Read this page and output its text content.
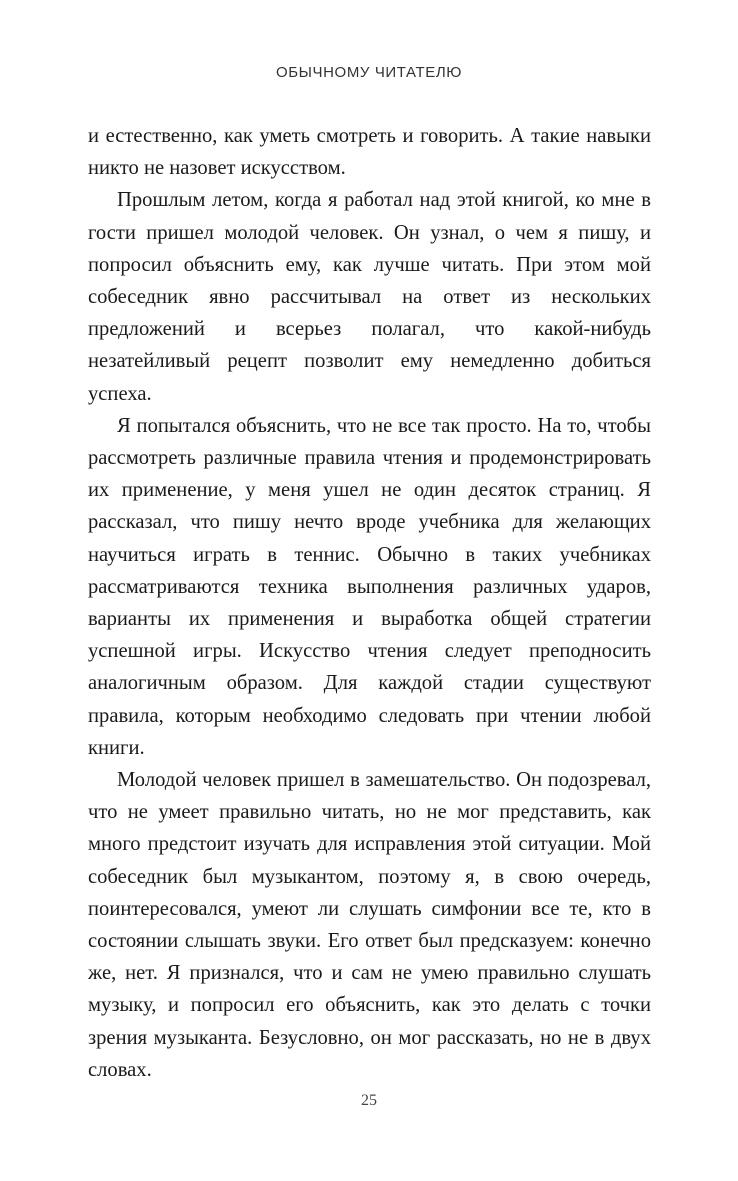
ОБЫЧНОМУ ЧИТАТЕЛЮ

и естественно, как уметь смотреть и говорить. А такие навыки никто не назовет искусством.

Прошлым летом, когда я работал над этой книгой, ко мне в гости пришел молодой человек. Он узнал, о чем я пишу, и попросил объяснить ему, как лучше читать. При этом мой собеседник явно рассчитывал на ответ из нескольких предложений и всерьез полагал, что какой-нибудь незатейливый рецепт позволит ему немедленно добиться успеха.

Я попытался объяснить, что не все так просто. На то, чтобы рассмотреть различные правила чтения и продемонстрировать их применение, у меня ушел не один десяток страниц. Я рассказал, что пишу нечто вроде учебника для желающих научиться играть в теннис. Обычно в таких учебниках рассматриваются техника выполнения различных ударов, варианты их применения и выработка общей стратегии успешной игры. Искусство чтения следует преподносить аналогичным образом. Для каждой стадии существуют правила, которым необходимо следовать при чтении любой книги.

Молодой человек пришел в замешательство. Он подозревал, что не умеет правильно читать, но не мог представить, как много предстоит изучать для исправления этой ситуации. Мой собеседник был музыкантом, поэтому я, в свою очередь, поинтересовался, умеют ли слушать симфонии все те, кто в состоянии слышать звуки. Его ответ был предсказуем: конечно же, нет. Я признался, что и сам не умею правильно слушать музыку, и попросил его объяснить, как это делать с точки зрения музыканта. Безусловно, он мог рассказать, но не в двух словах.

25
